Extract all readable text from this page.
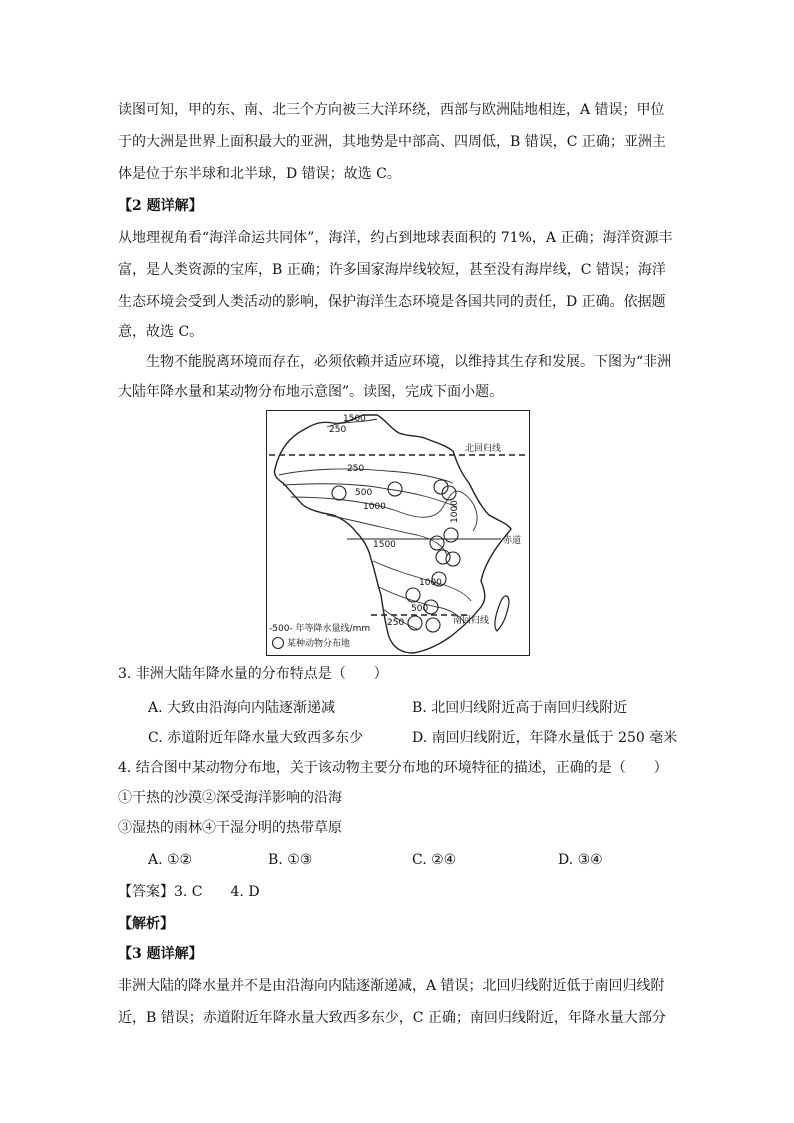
读图可知，甲的东、南、北三个方向被三大洋环绕，西部与欧洲陆地相连，A 错误；甲位
于的大洲是世界上面积最大的亚洲，其地势是中部高、四周低，B 错误，C 正确；亚洲主
体是位于东半球和北半球，D 错误；故选 C。
【2 题详解】
从地理视角看“海洋命运共同体”，海洋，约占到地球表面积的 71%，A 正确；海洋资源丰
富，是人类资源的宝库，B 正确；许多国家海岸线较短，甚至没有海岸线，C 错误；海洋
生态环境会受到人类活动的影响，保护海洋生态环境是各国共同的责任，D 正确。依据题
意，故选 C。
生物不能脱离环境而存在，必须依赖并适应环境，以维持其生存和发展。下图为“非洲
大陆年降水量和某动物分布地示意图”。读图，完成下面小题。
1500
250
北回归线
250
500
1000	1000
1500	赤道
1000
500
250	南回归线
-500- 年等降水量线/mm
某种动物分布地
3. 非洲大陆年降水量的分布特点是（　　）
A. 大致由沿海向内陆逐渐递减	B. 北回归线附近高于南回归线附近
C. 赤道附近年降水量大致西多东少	D. 南回归线附近，年降水量低于 250 毫米
4. 结合图中某动物分布地，关于该动物主要分布地的环境特征的描述，正确的是（　　）
①干热的沙漠②深受海洋影响的沿海
③湿热的雨林④干湿分明的热带草原
A. ①②	B. ①③	C. ②④	D. ③④
【答案】3. C　　4. D
【解析】
【3 题详解】
非洲大陆的降水量并不是由沿海向内陆逐渐递减，A 错误；北回归线附近低于南回归线附
近，B 错误；赤道附近年降水量大致西多东少，C 正确；南回归线附近，年降水量大部分
